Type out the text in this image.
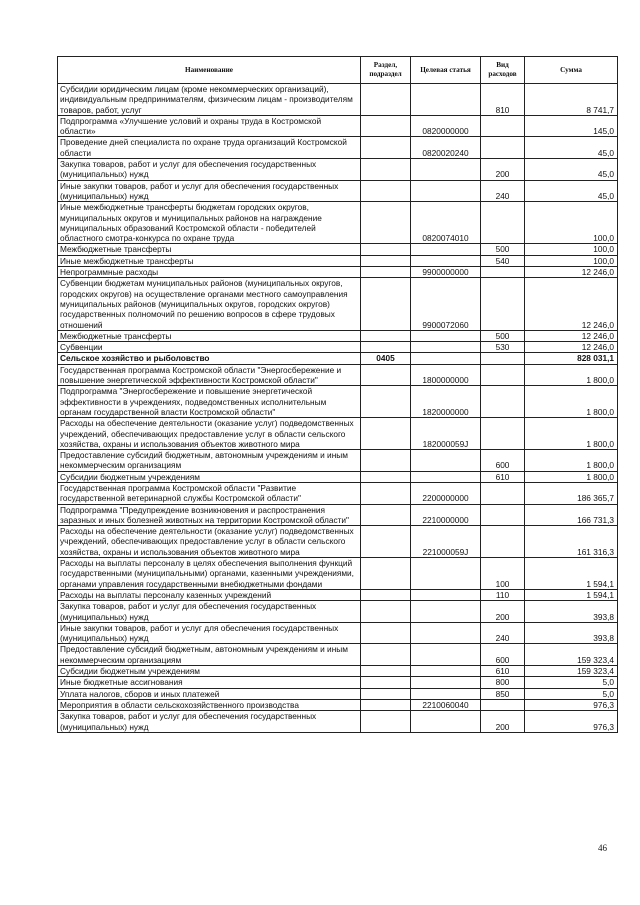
Наименование	Раздел, подраздел	Целевая статья	Вид расходов	Сумма
Субсидии юридическим лицам (кроме некоммерческих организаций), индивидуальным предпринимателям, физическим лицам - производителям товаров, работ, услуг			810	8 741,7
Подпрограмма «Улучшение условий и охраны труда в Костромской области»		0820000000		145,0
Проведение дней специалиста по охране труда организаций Костромской области		0820020240		45,0
Закупка товаров, работ и услуг для обеспечения государственных (муниципальных) нужд			200	45,0
Иные закупки товаров, работ и услуг для обеспечения государственных (муниципальных) нужд			240	45,0
Иные межбюджетные трансферты бюджетам городских округов, муниципальных округов и муниципальных районов на награждение муниципальных образований Костромской области - победителей областного смотра-конкурса по охране труда		0820074010		100,0
Межбюджетные трансферты			500	100,0
Иные межбюджетные трансферты			540	100,0
Непрограммные расходы		9900000000		12 246,0
Субвенции бюджетам муниципальных районов (муниципальных округов, городских округов) на осуществление органами местного самоуправления муниципальных районов (муниципальных округов, городских округов) государственных полномочий по решению вопросов в сфере трудовых отношений		9900072060		12 246,0
Межбюджетные трансферты			500	12 246,0
Субвенции			530	12 246,0
Сельское хозяйство и рыболовство	0405			828 031,1
Государственная программа Костромской области "Энергосбережение и повышение энергетической эффективности Костромской области"		1800000000		1 800,0
Подпрограмма "Энергосбережение и повышение энергетической эффективности в учреждениях, подведомственных исполнительным органам государственной власти Костромской области"		1820000000		1 800,0
Расходы на обеспечение деятельности (оказание услуг) подведомственных учреждений, обеспечивающих предоставление услуг в области сельского хозяйства, охраны и использования объектов животного мира		182000059J		1 800,0
Предоставление субсидий бюджетным, автономным учреждениям и иным некоммерческим организациям			600	1 800,0
Субсидии бюджетным учреждениям			610	1 800,0
Государственная программа Костромской области "Развитие государственной ветеринарной службы Костромской области"		2200000000		186 365,7
Подпрограмма "Предупреждение возникновения и распространения заразных и иных болезней животных на территории Костромской области"		2210000000		166 731,3
Расходы на обеспечение деятельности (оказание услуг) подведомственных учреждений, обеспечивающих предоставление услуг в области сельского хозяйства, охраны и использования объектов животного мира		221000059J		161 316,3
Расходы на выплаты персоналу в целях обеспечения выполнения функций государственными (муниципальными) органами, казенными учреждениями, органами управления государственными внебюджетными фондами			100	1 594,1
Расходы на выплаты персоналу казенных учреждений			110	1 594,1
Закупка товаров, работ и услуг для обеспечения государственных (муниципальных) нужд			200	393,8
Иные закупки товаров, работ и услуг для обеспечения государственных (муниципальных) нужд			240	393,8
Предоставление субсидий бюджетным, автономным учреждениям и иным некоммерческим организациям			600	159 323,4
Субсидии бюджетным учреждениям			610	159 323,4
Иные бюджетные ассигнования			800	5,0
Уплата налогов, сборов и иных платежей			850	5,0
Мероприятия в области сельскохозяйственного производства		2210060040		976,3
Закупка товаров, работ и услуг для обеспечения государственных (муниципальных) нужд			200	976,3
46
